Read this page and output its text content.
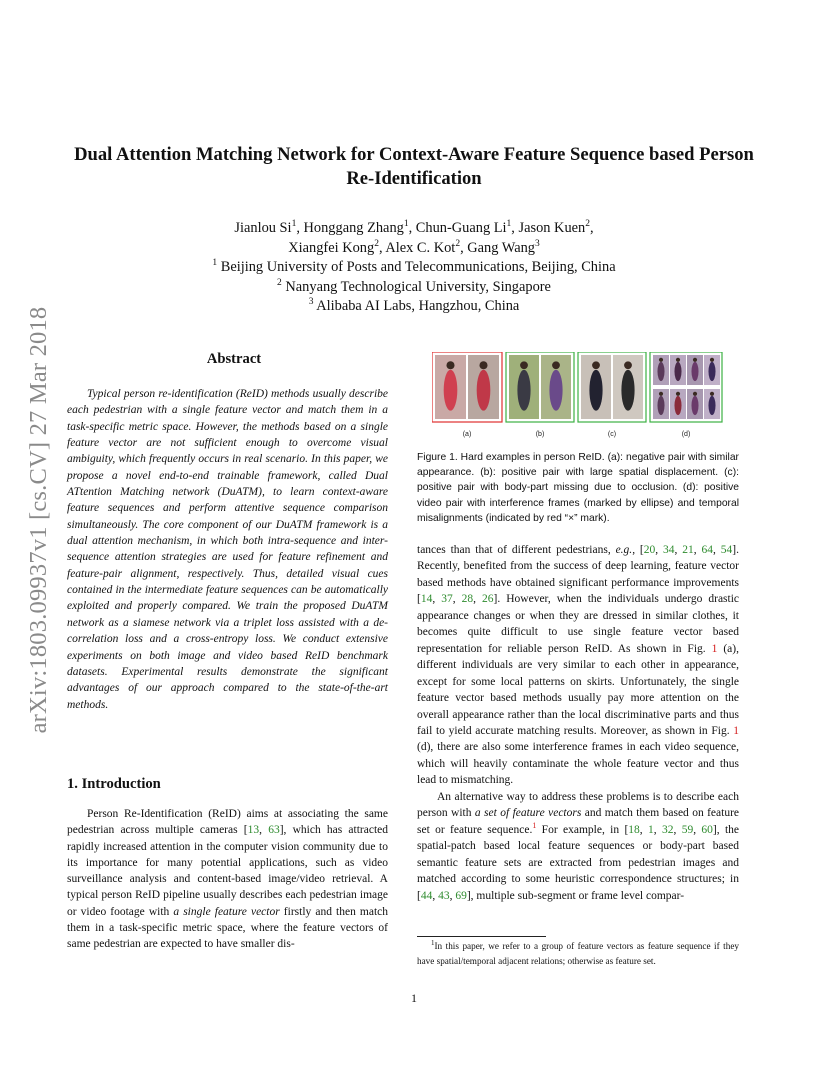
arXiv:1803.09937v1 [cs.CV] 27 Mar 2018
Dual Attention Matching Network for Context-Aware Feature Sequence based Person Re-Identification
Jianlou Si$^1$, Honggang Zhang$^1$, Chun-Guang Li$^1$, Jason Kuen$^2$,
Xiangfei Kong$^2$, Alex C. Kot$^2$, Gang Wang$^3$
$^1$ Beijing University of Posts and Telecommunications, Beijing, China
$^2$ Nanyang Technological University, Singapore
$^3$ Alibaba AI Labs, Hangzhou, China
Abstract
Typical person re-identification (ReID) methods usually describe each pedestrian with a single feature vector and match them in a task-specific metric space. However, the methods based on a single feature vector are not sufficient enough to overcome visual ambiguity, which frequently occurs in real scenario. In this paper, we propose a novel end-to-end trainable framework, called Dual ATtention Matching network (DuATM), to learn context-aware feature sequences and perform attentive sequence comparison simultaneously. The core component of our DuATM framework is a dual attention mechanism, in which both intra-sequence and inter-sequence attention strategies are used for feature refinement and feature-pair alignment, respectively. Thus, detailed visual cues contained in the intermediate feature sequences can be automatically exploited and properly compared. We train the proposed DuATM network as a siamese network via a triplet loss assisted with a de-correlation loss and a cross-entropy loss. We conduct extensive experiments on both image and video based ReID benchmark datasets. Experimental results demonstrate the significant advantages of our approach compared to the state-of-the-art methods.
1. Introduction
Person Re-Identification (ReID) aims at associating the same pedestrian across multiple cameras [13, 63], which has attracted rapidly increased attention in the computer vision community due to its importance for many potential applications, such as video surveillance analysis and content-based image/video retrieval. A typical person ReID pipeline usually describes each pedestrian image or video footage with a single feature vector firstly and then match them in a task-specific metric space, where the feature vectors of same pedestrian are expected to have smaller dis-
(a)	(b)	(c)	(d)
Figure 1. Hard examples in person ReID. (a): negative pair with similar appearance. (b): positive pair with large spatial displacement. (c): positive pair with body-part missing due to occlusion. (d): positive video pair with interference frames (marked by ellipse) and temporal misalignments (indicated by red “×” mark).

tances than that of different pedestrians, e.g., [20, 34, 21, 64, 54]. Recently, benefited from the success of deep learning, feature vector based methods have obtained significant performance improvements [14, 37, 28, 26]. However, when the individuals undergo drastic appearance changes or when they are dressed in similar clothes, it becomes quite difficult to use single feature vector based representation for reliable person ReID. As shown in Fig. 1 (a), different individuals are very similar to each other in appearance, except for some local patterns on skirts. Unfortunately, the single feature vector based methods usually pay more attention on the overall appearance rather than the local discriminative parts and thus fail to yield accurate matching results. Moreover, as shown in Fig. 1 (d), there are also some interference frames in each video sequence, which will heavily contaminate the whole feature vector and thus lead to mismatching.

An alternative way to address these problems is to describe each person with a set of feature vectors and match them based on feature set or feature sequence.$^1$ For example, in [18, 1, 32, 59, 60], the spatial-patch based local feature sequences or body-part based semantic feature sets are extracted from pedestrian images and matched according to some heuristic correspondence structures; in [44, 43, 69], multiple sub-segment or frame level compar-

$^1$In this paper, we refer to a group of feature vectors as feature sequence if they have spatial/temporal adjacent relations; otherwise as feature set.
1
